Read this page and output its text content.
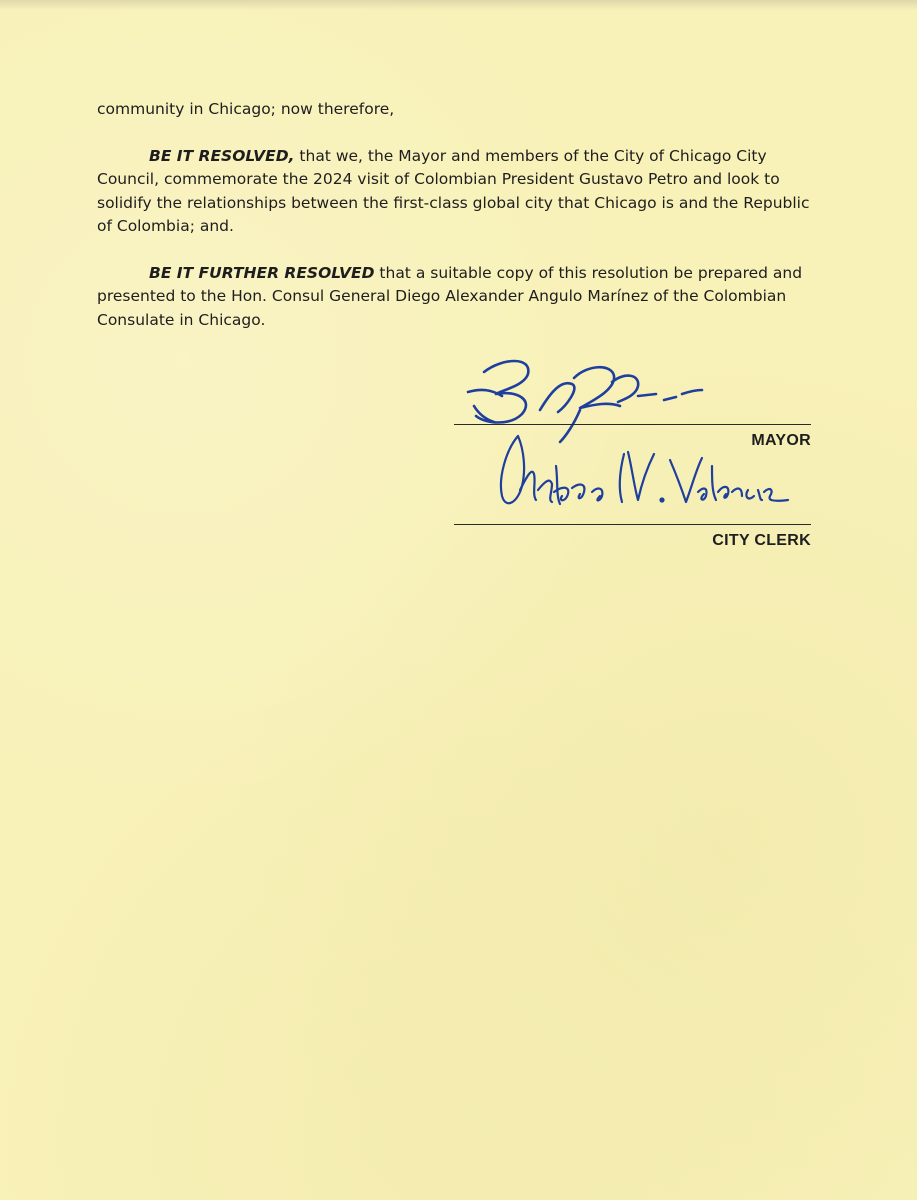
community in Chicago; now therefore,

BE IT RESOLVED, that we, the Mayor and members of the City of Chicago City Council, commemorate the 2024 visit of Colombian President Gustavo Petro and look to solidify the relationships between the first-class global city that Chicago is and the Republic of Colombia; and.

BE IT FURTHER RESOLVED that a suitable copy of this resolution be prepared and presented to the Hon. Consul General Diego Alexander Angulo Marínez of the Colombian Consulate in Chicago.

MAYOR
CITY CLERK
